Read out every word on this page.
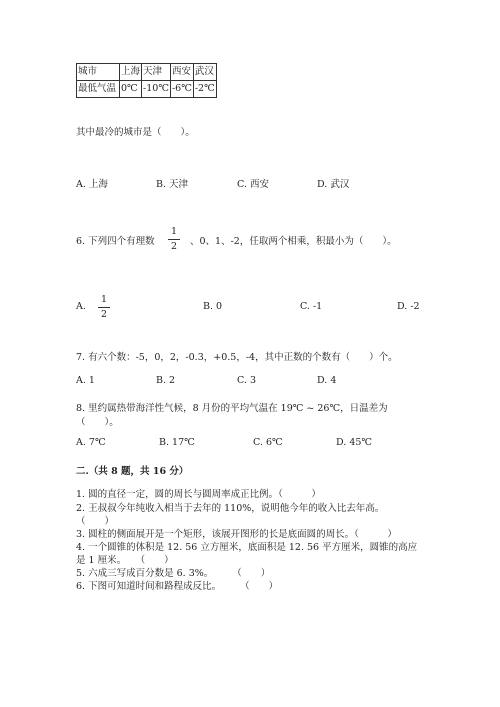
城市	上海	天津	西安	武汉
最低气温	0℃	-10℃	-6℃	-2℃
其中最冷的城市是（　　）。
A. 上海	B. 天津	C. 西安	D. 武汉
6. 下列四个有理数
1
2	、0、1、-2，任取两个相乘，积最小为（　　）。
A.
1
2
B. 0	C. -1	D. -2
7. 有六个数：-5，0，2，-0.3，+0.5，-4，其中正数的个数有（　　）个。
A. 1	B. 2	C. 3	D. 4
8. 里约属热带海洋性气候，8 月份的平均气温在 19℃ ~ 26℃，日温差为
（　　）。
A. 7℃	B. 17℃	C. 6℃	D. 45℃
二.（共 8 题，共 16 分）
1. 圆的直径一定，圆的周长与圆周率成正比例。（　　　）
2. 王叔叔今年纯收入相当于去年的 110%，说明他今年的收入比去年高。
（　　）
3. 圆柱的侧面展开是一个矩形，该展开图形的长是底面圆的周长。（　　　）
4. 一个圆锥的体积是 12. 56 立方厘米，底面积是 12. 56 平方厘米，圆锥的高应
是 1 厘米。　　（　　）
5. 六成三写成百分数是 6. 3%。　　　（　　）
6. 下图可知道时间和路程成反比。　　　（　　）
